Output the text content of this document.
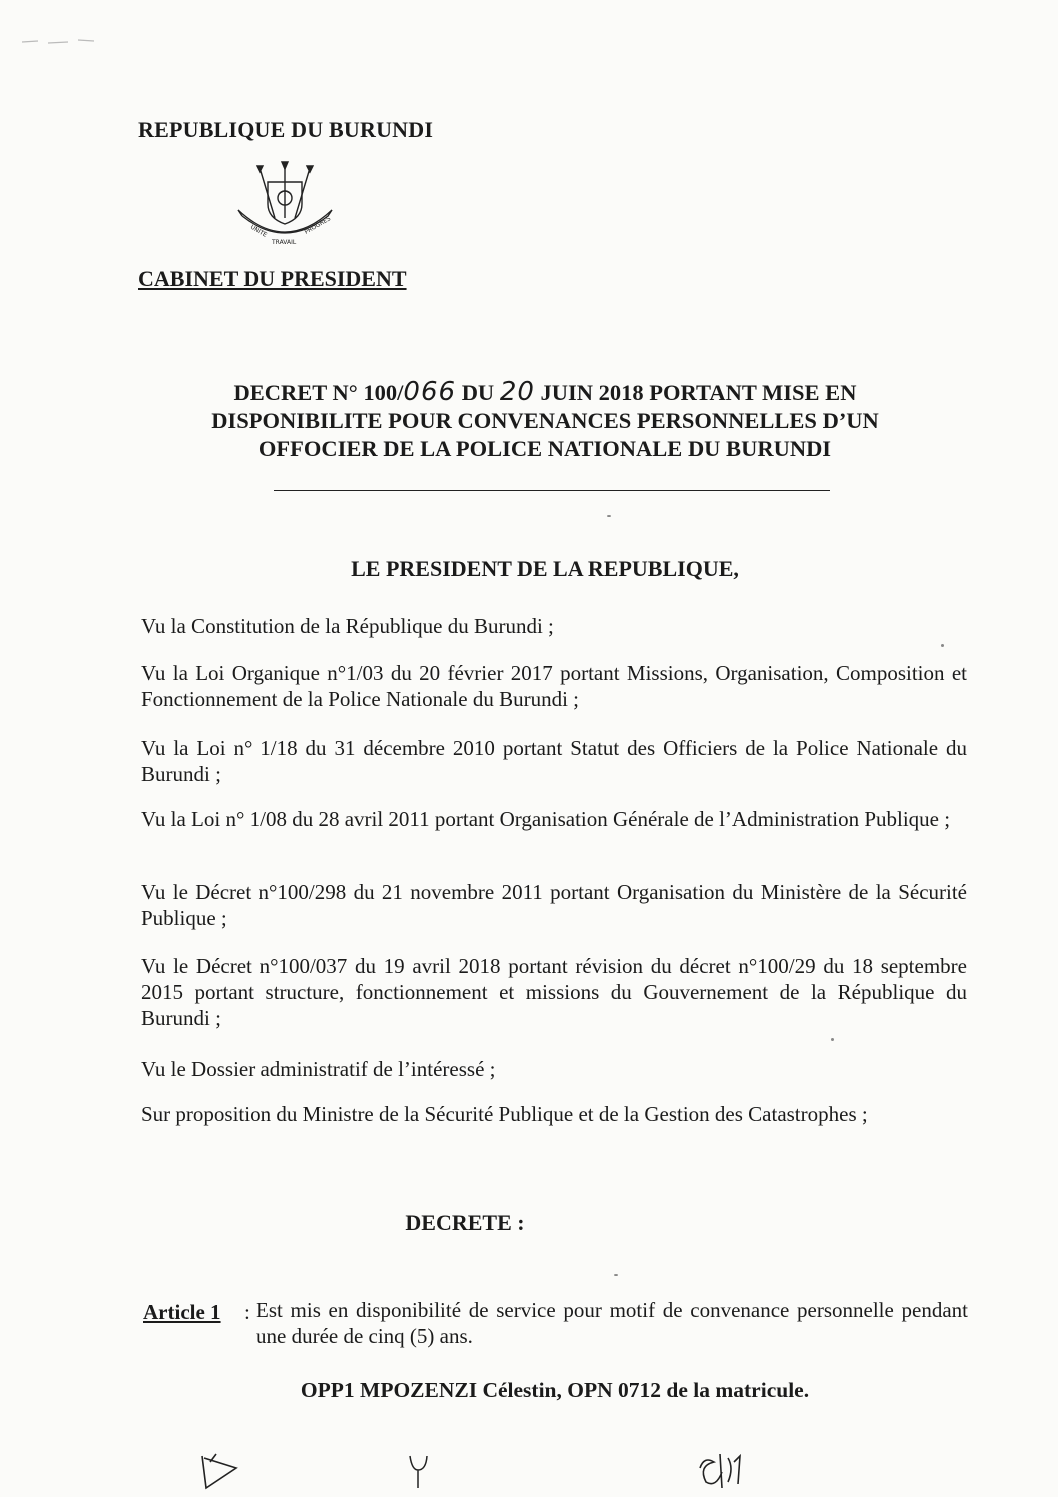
REPUBLIQUE DU BURUNDI
UNITE
TRAVAIL
PROGRES
CABINET DU PRESIDENT
DECRET N° 100/066 DU 20 JUIN 2018 PORTANT MISE EN
DISPONIBILITE POUR CONVENANCES PERSONNELLES D’UN
OFFOCIER DE LA POLICE NATIONALE DU BURUNDI
LE PRESIDENT DE LA REPUBLIQUE,
Vu la Constitution de la République du Burundi ;
Vu la Loi Organique n°1/03 du 20 février 2017 portant Missions, Organisation, Composition et Fonctionnement de la Police Nationale du Burundi ;
Vu la Loi n° 1/18 du 31 décembre 2010 portant Statut des Officiers de la Police Nationale du Burundi ;
Vu la Loi n° 1/08 du 28 avril 2011 portant Organisation Générale de l’Administration Publique ;
Vu le Décret n°100/298 du 21 novembre 2011 portant Organisation du Ministère de la Sécurité Publique ;
Vu le Décret n°100/037 du 19 avril 2018 portant révision du décret n°100/29 du 18 septembre 2015 portant structure, fonctionnement et missions du Gouvernement de la République du Burundi ;
Vu le Dossier administratif de l’intéressé ;
Sur proposition du Ministre de la Sécurité Publique et de la Gestion des Catastrophes ;
DECRETE :
Article 1 : Est mis en disponibilité de service pour motif de convenance personnelle pendant une durée de cinq (5) ans.
OPP1 MPOZENZI Célestin, OPN 0712 de la matricule.
